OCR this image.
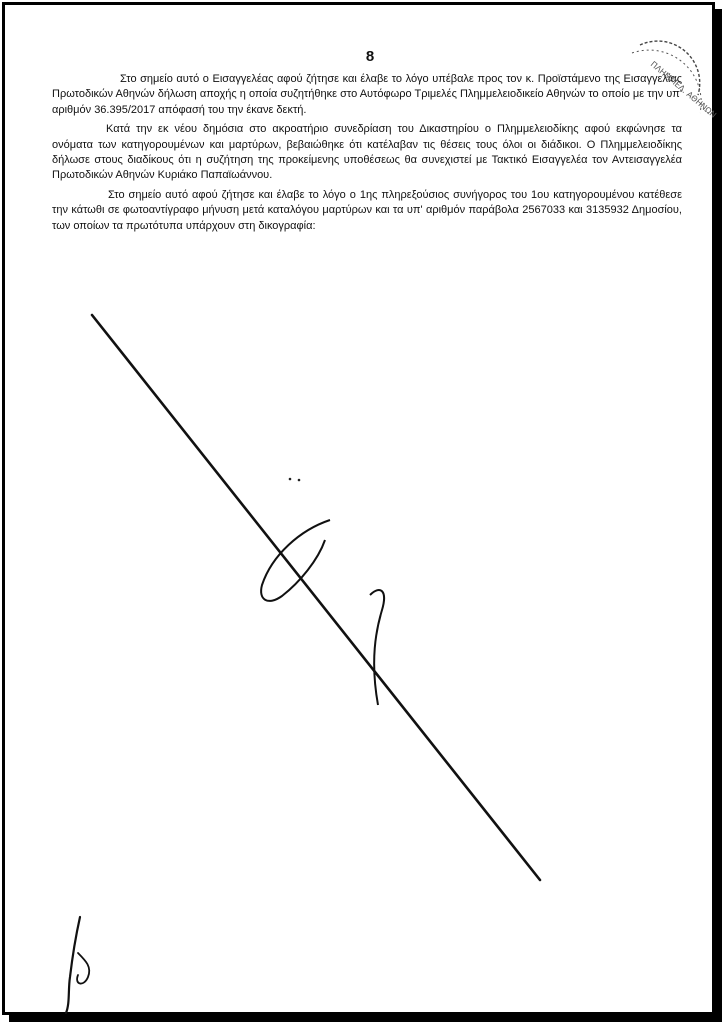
8

Στο σημείο αυτό ο Εισαγγελέας αφού ζήτησε και έλαβε το λόγο υπέβαλε προς τον κ. Προϊστάμενο της Εισαγγελίας Πρωτοδικών Αθηνών δήλωση αποχής η οποία συζητήθηκε στο Αυτόφωρο Τριμελές Πλημμελειοδικείο Αθηνών το οποίο με την υπ' αριθμόν 36.395/2017 απόφασή του την έκανε δεκτή.

Κατά την εκ νέου δημόσια στο ακροατήριο συνεδρίαση του Δικαστηρίου ο Πλημμελειοδίκης αφού εκφώνησε τα ονόματα των κατηγορουμένων και μαρτύρων, βεβαιώθηκε ότι κατέλαβαν τις θέσεις τους όλοι οι διάδικοι. Ο Πλημμελειοδίκης δήλωσε στους διαδίκους ότι η συζήτηση της προκείμενης υποθέσεως θα συνεχιστεί με Τακτικό Εισαγγελέα τον Αντεισαγγελέα Πρωτοδικών Αθηνών Κυριάκο Παπαϊωάννου.

Στο σημείο αυτό αφού ζήτησε και έλαβε το λόγο ο 1ης πληρεξούσιος συνήγορος του 1ου κατηγορουμένου κατέθεσε την κάτωθι σε φωτοαντίγραφο μήνυση μετά καταλόγου μαρτύρων και τα υπ' αριθμόν παράβολα 2567033 και 3135932 Δημοσίου, των οποίων τα πρωτότυπα υπάρχουν στη δικογραφία:

ΠΛΗΜΜΕΛ. ΑΘΗΝΩΝ
